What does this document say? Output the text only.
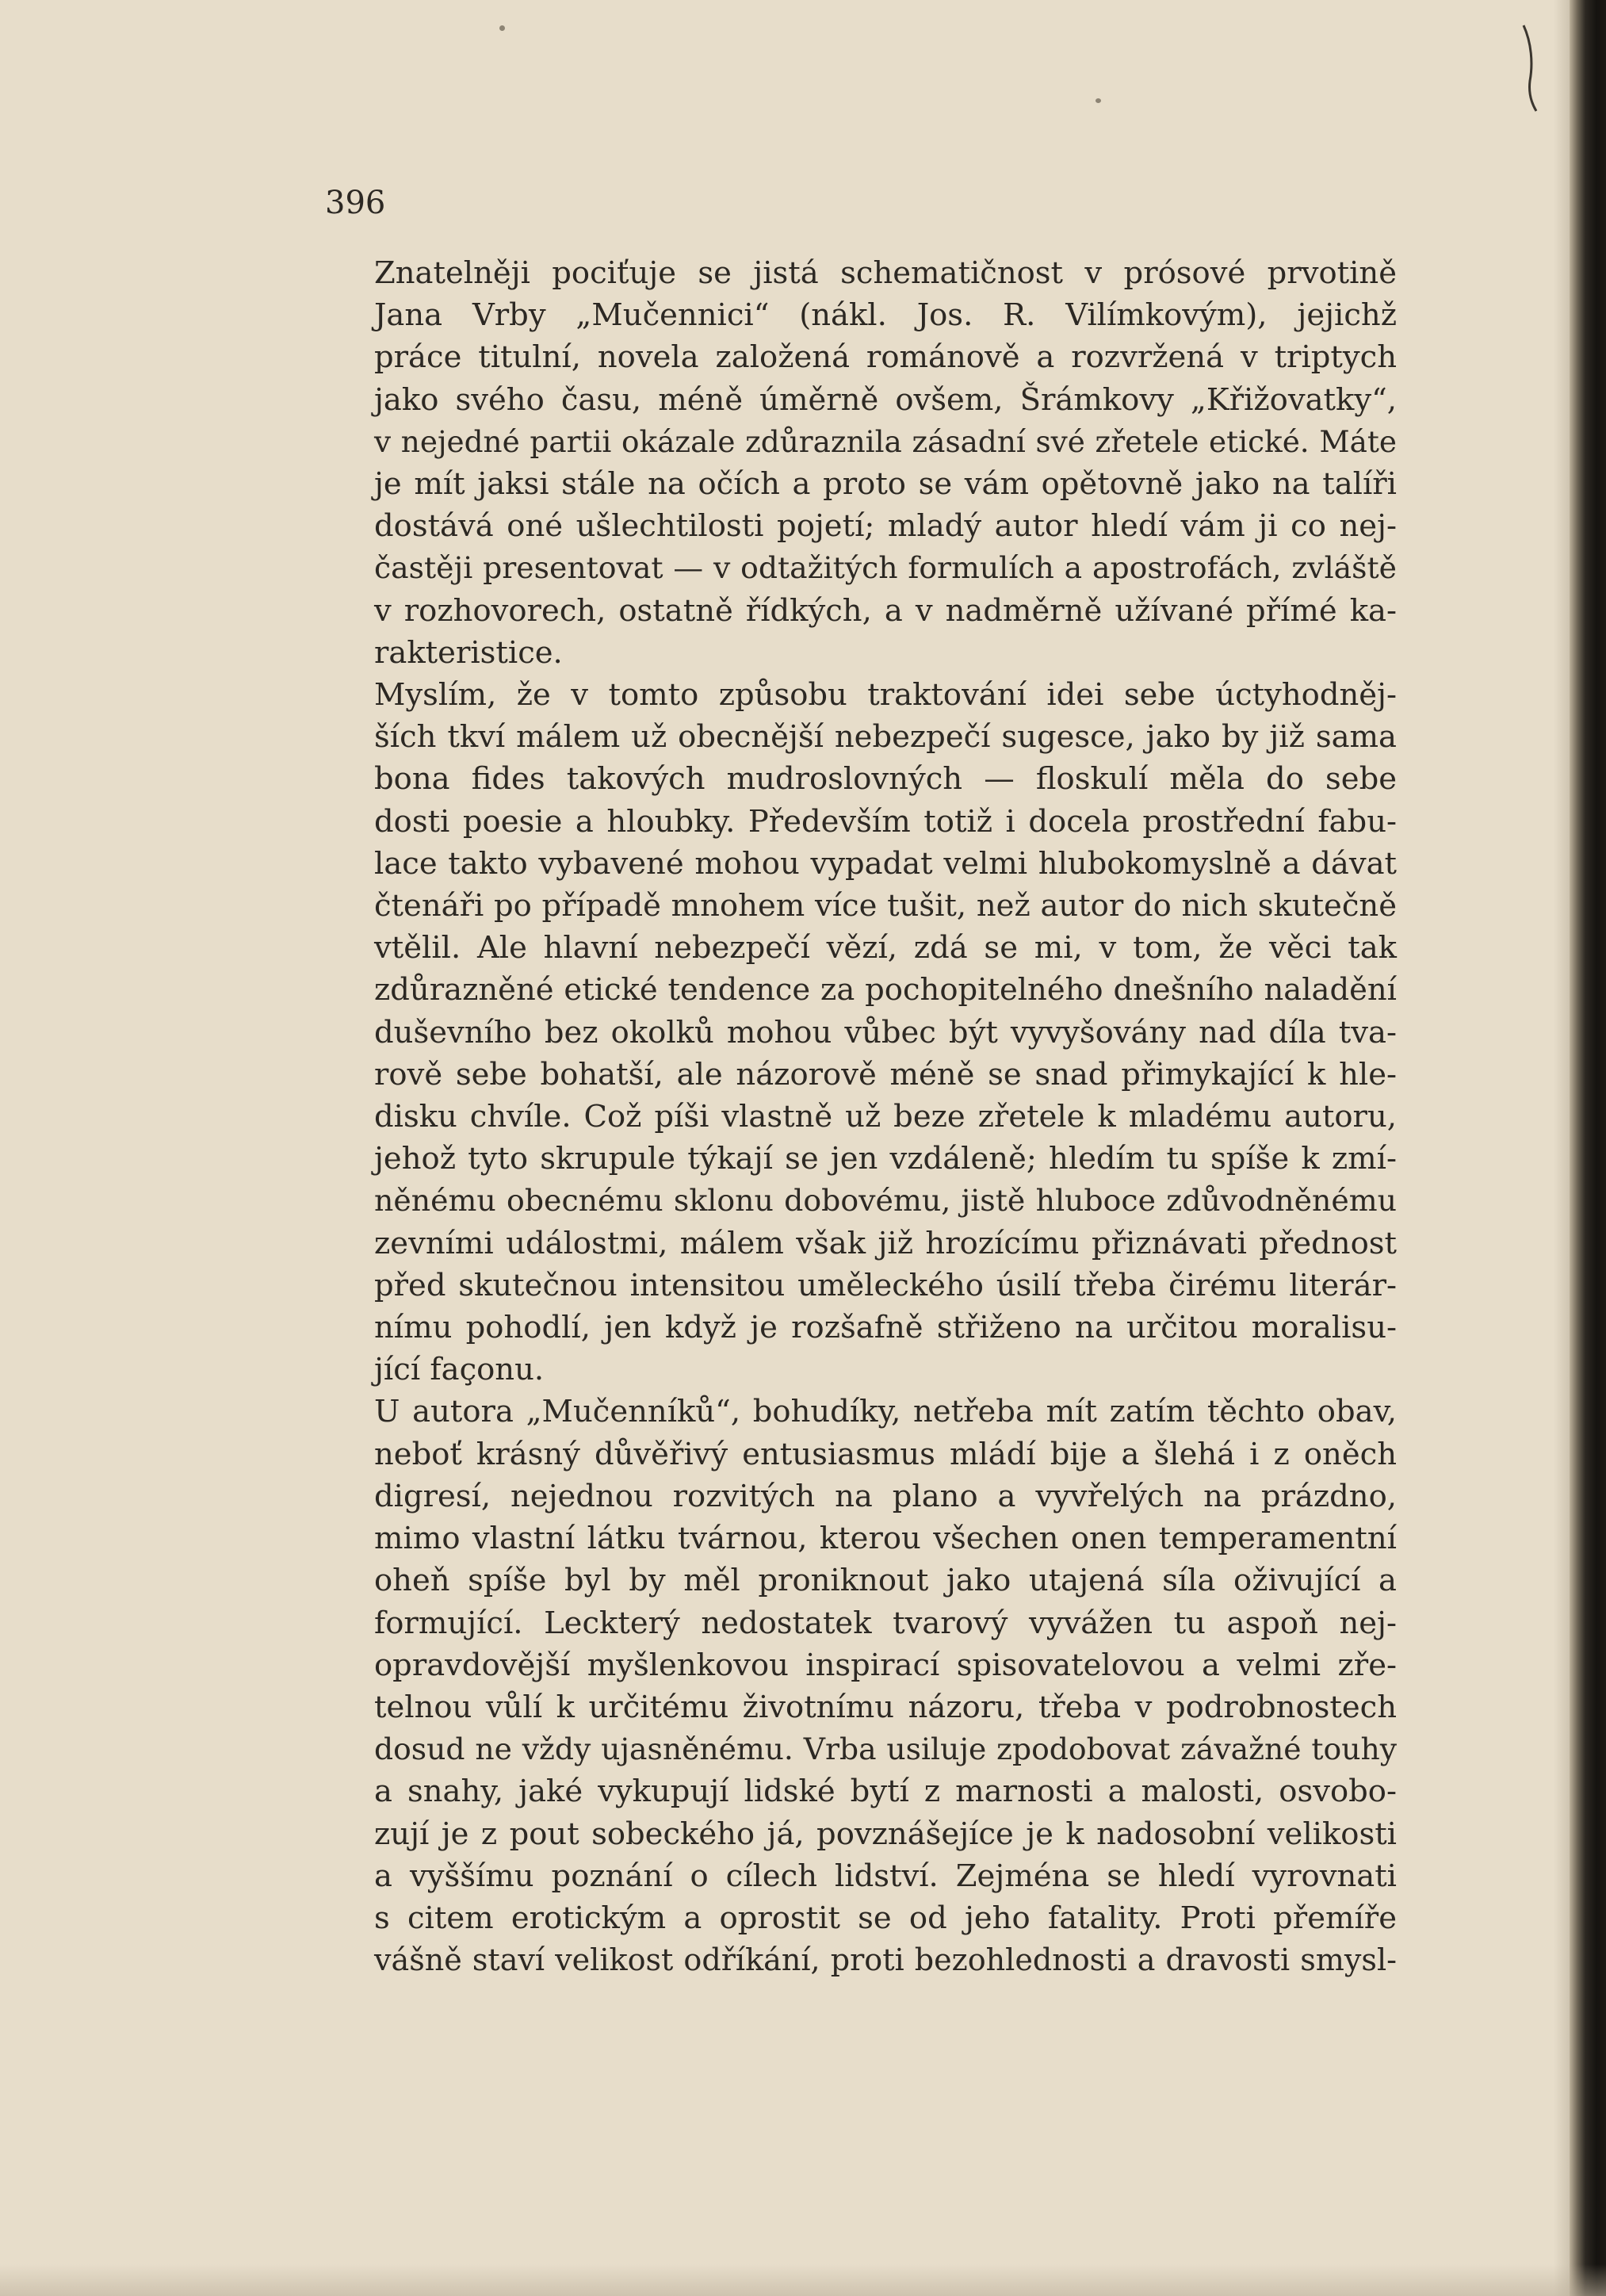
396

Znatelněji pociťuje se jistá schematičnost v prósové prvotině
Jana Vrby „Mučennici“ (nákl. Jos. R. Vilímkovým), jejichž
práce titulní, novela založená románově a rozvržená v triptych
jako svého času, méně úměrně ovšem, Šrámkovy „Křižovatky“,
v nejedné partii okázale zdůraznila zásadní své zřetele etické. Máte
je mít jaksi stále na očích a proto se vám opětovně jako na talíři
dostává oné ušlechtilosti pojetí; mladý autor hledí vám ji co nej-
častěji presentovat — v odtažitých formulích a apostrofách, zvláště
v rozhovorech, ostatně řídkých, a v nadměrně užívané přímé ka-
rakteristice.

Myslím, že v tomto způsobu traktování idei sebe úctyhodněj-
ších tkví málem už obecnější nebezpečí sugesce, jako by již sama
bona fides takových mudroslovných — floskulí měla do sebe
dosti poesie a hloubky. Především totiž i docela prostřední fabu-
lace takto vybavené mohou vypadat velmi hlubokomyslně a dávat
čtenáři po případě mnohem více tušit, než autor do nich skutečně
vtělil. Ale hlavní nebezpečí vězí, zdá se mi, v tom, že věci tak
zdůrazněné etické tendence za pochopitelného dnešního naladění
duševního bez okolků mohou vůbec být vyvyšovány nad díla tva-
rově sebe bohatší, ale názorově méně se snad přimykající k hle-
disku chvíle. Což píši vlastně už beze zřetele k mladému autoru,
jehož tyto skrupule týkají se jen vzdáleně; hledím tu spíše k zmí-
něnému obecnému sklonu dobovému, jistě hluboce zdůvodněnému
zevními událostmi, málem však již hrozícímu přiznávati přednost
před skutečnou intensitou uměleckého úsilí třeba čirému literár-
nímu pohodlí, jen když je rozšafně střiženo na určitou moralisu-
jící façonu.

U autora „Mučenníků“, bohudíky, netřeba mít zatím těchto obav,
neboť krásný důvěřivý entusiasmus mládí bije a šlehá i z oněch
digresí, nejednou rozvitých na plano a vyvřelých na prázdno,
mimo vlastní látku tvárnou, kterou všechen onen temperamentní
oheň spíše byl by měl proniknout jako utajená síla oživující a
formující. Leckterý nedostatek tvarový vyvážen tu aspoň nej-
opravdovější myšlenkovou inspirací spisovatelovou a velmi zře-
telnou vůlí k určitému životnímu názoru, třeba v podrobnostech
dosud ne vždy ujasněnému. Vrba usiluje zpodobovat závažné touhy
a snahy, jaké vykupují lidské bytí z marnosti a malosti, osvobo-
zují je z pout sobeckého já, povznášejíce je k nadosobní velikosti
a vyššímu poznání o cílech lidství. Zejména se hledí vyrovnati
s citem erotickým a oprostit se od jeho fatality. Proti přemíře
vášně staví velikost odříkání, proti bezohlednosti a dravosti smysl-
